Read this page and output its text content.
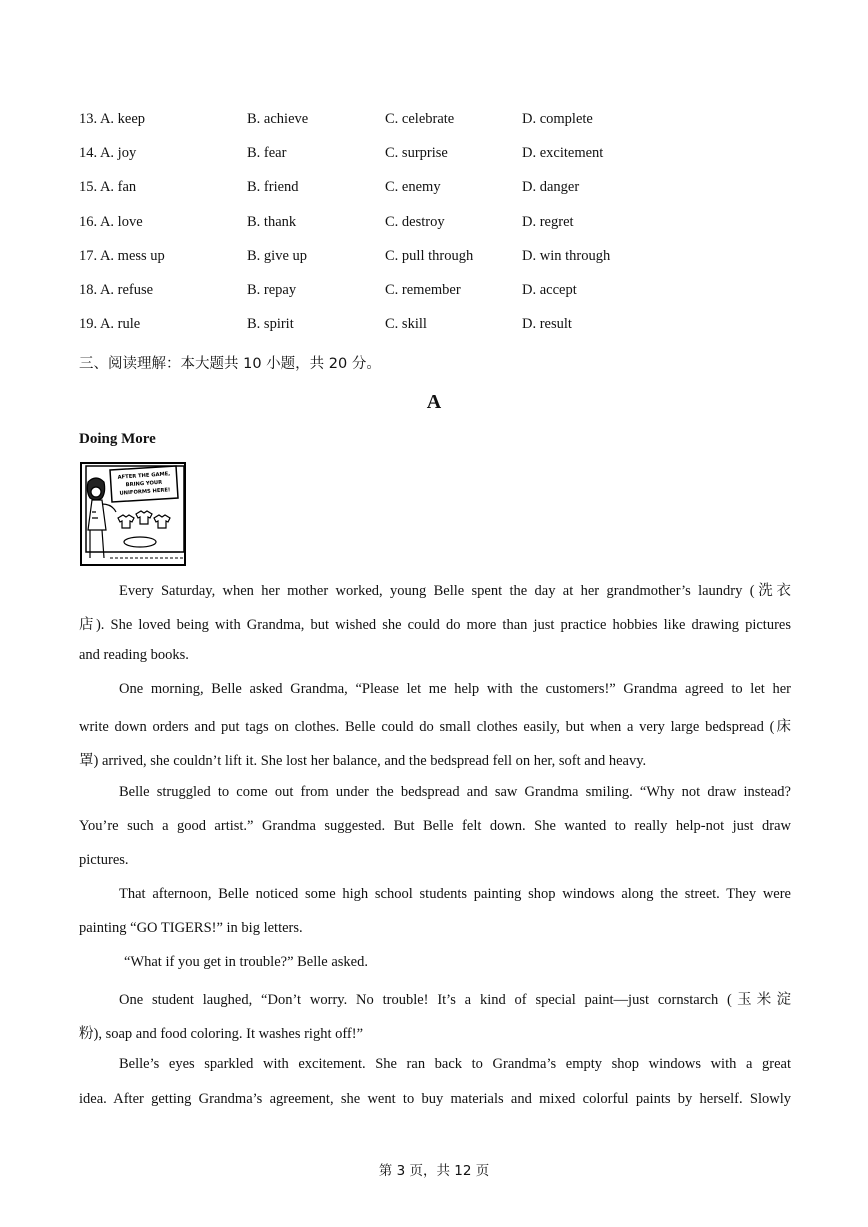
13. A. keep	B. achieve	C. celebrate	D. complete
14. A. joy	B. fear	C. surprise	D. excitement
15. A. fan	B. friend	C. enemy	D. danger
16. A. love	B. thank	C. destroy	D. regret
17. A. mess up	B. give up	C. pull through	D. win through
18. A. refuse	B. repay	C. remember	D. accept
19. A. rule	B. spirit	C. skill	D. result
三、阅读理解：本大题共 10 小题，共 20 分。
A
Doing More
AFTER THE GAME,
BRING YOUR
UNIFORMS HERE!
Every Saturday, when her mother worked, young Belle spent the day at her grandmother’s laundry (洗衣
店). She loved being with Grandma, but wished she could do more than just practice hobbies like drawing pictures
and reading books.
One morning, Belle asked Grandma, “Please let me help with the customers!” Grandma agreed to let her
write down orders and put tags on clothes. Belle could do small clothes easily, but when a very large bedspread (床
罩) arrived, she couldn’t lift it. She lost her balance, and the bedspread fell on her, soft and heavy.
Belle struggled to come out from under the bedspread and saw Grandma smiling. “Why not draw instead?
You’re such a good artist.” Grandma suggested. But Belle felt down. She wanted to really help-not just draw
pictures.
That afternoon, Belle noticed some high school students painting shop windows along the street. They were
painting “GO TIGERS!” in big letters.
“What if you get in trouble?” Belle asked.
One student laughed, “Don’t worry. No trouble! It’s a kind of special paint—just cornstarch (玉米淀
粉), soap and food coloring. It washes right off!”
Belle’s eyes sparkled with excitement. She ran back to Grandma’s empty shop windows with a great
idea. After getting Grandma’s agreement, she went to buy materials and mixed colorful paints by herself. Slowly
第 3 页，共 12 页
